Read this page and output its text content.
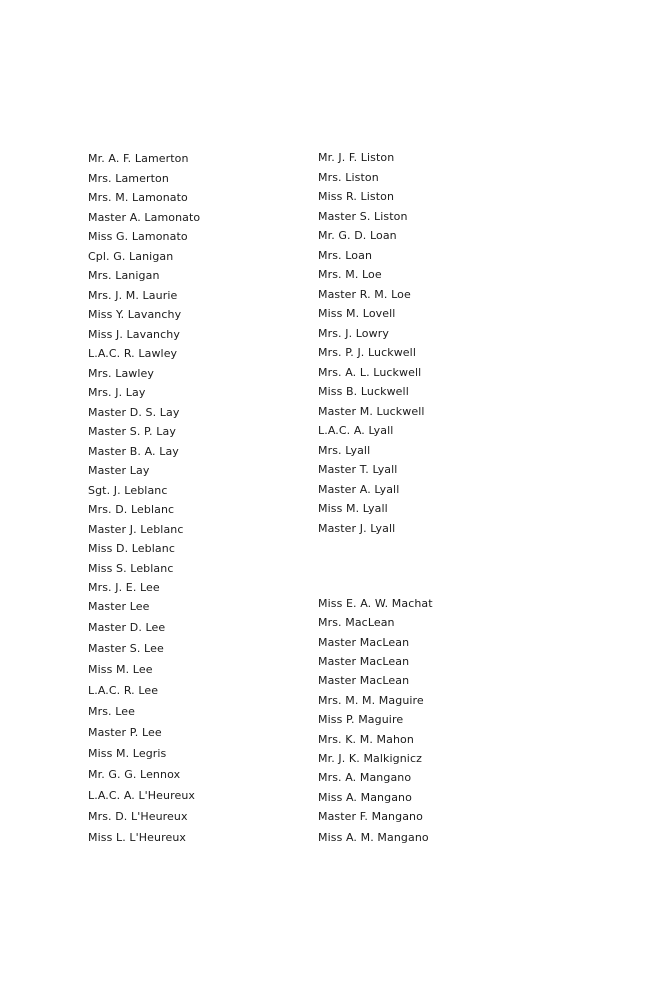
Mr. A. F. Lamerton
Mrs. Lamerton
Mrs. M. Lamonato
Master A. Lamonato
Miss G. Lamonato
Cpl. G. Lanigan
Mrs. Lanigan
Mrs. J. M. Laurie
Miss Y. Lavanchy
Miss J. Lavanchy
L.A.C. R. Lawley
Mrs. Lawley
Mrs. J. Lay
Master D. S. Lay
Master S. P. Lay
Master B. A. Lay
Master Lay
Sgt. J. Leblanc
Mrs. D. Leblanc
Master J. Leblanc
Miss D. Leblanc
Miss S. Leblanc
Mrs. J. E. Lee
Master Lee
Master D. Lee
Master S. Lee
Miss M. Lee
L.A.C. R. Lee
Mrs. Lee
Master P. Lee
Miss M. Legris
Mr. G. G. Lennox
L.A.C. A. L'Heureux
Mrs. D. L'Heureux
Miss L. L'Heureux
Mr. J. F. Liston
Mrs. Liston
Miss R. Liston
Master S. Liston
Mr. G. D. Loan
Mrs. Loan
Mrs. M. Loe
Master R. M. Loe
Miss M. Lovell
Mrs. J. Lowry
Mrs. P. J. Luckwell
Mrs. A. L. Luckwell
Miss B. Luckwell
Master M. Luckwell
L.A.C. A. Lyall
Mrs. Lyall
Master T. Lyall
Master A. Lyall
Miss M. Lyall
Master J. Lyall
Miss E. A. W. Machat
Mrs. MacLean
Master MacLean
Master MacLean
Master MacLean
Mrs. M. M. Maguire
Miss P. Maguire
Mrs. K. M. Mahon
Mr. J. K. Malkignicz
Mrs. A. Mangano
Miss A. Mangano
Master F. Mangano
Miss A. M. Mangano
